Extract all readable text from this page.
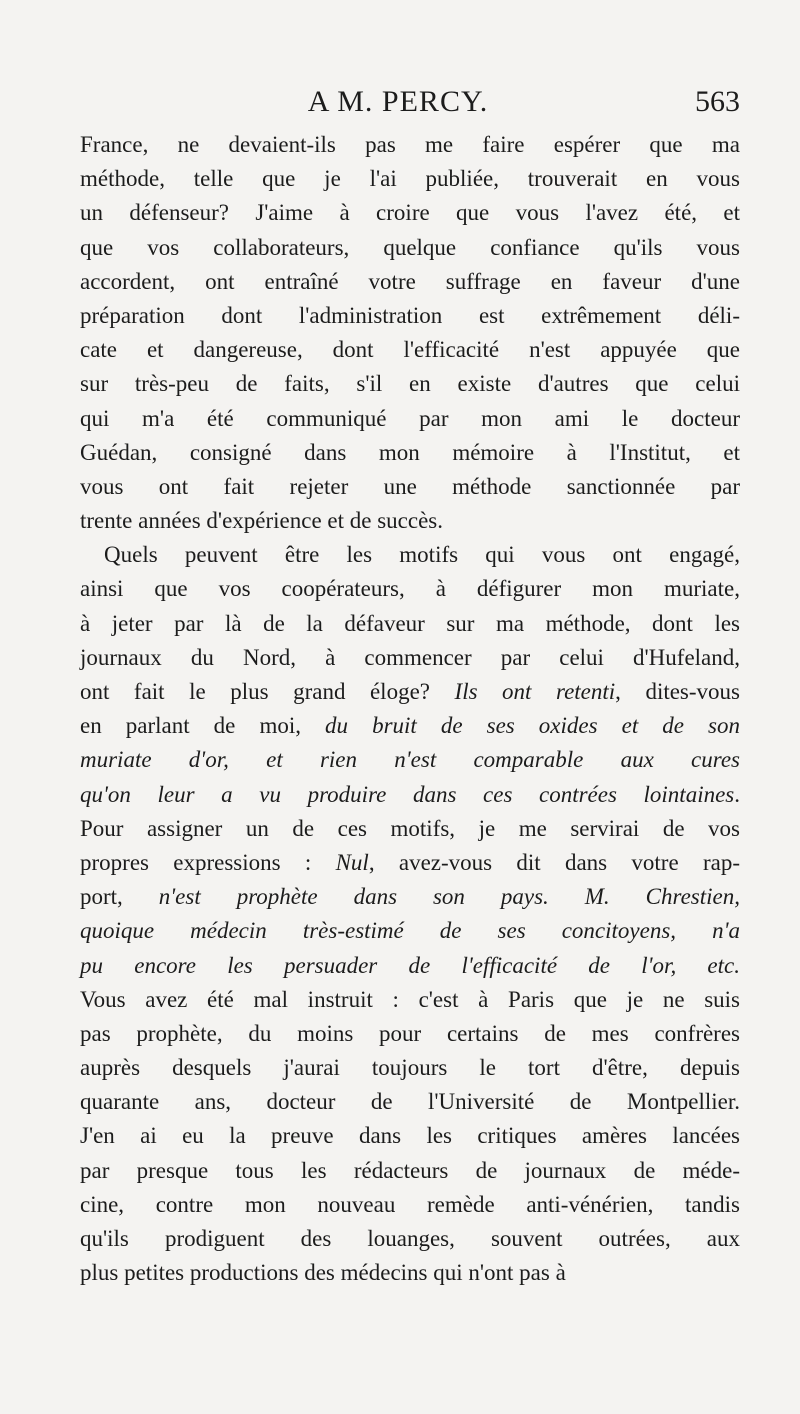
A M. PERCY.	563
France, ne devaient-ils pas me faire espérer que ma
méthode, telle que je l'ai publiée, trouverait en vous
un défenseur? J'aime à croire que vous l'avez été, et
que vos collaborateurs, quelque confiance qu'ils vous
accordent, ont entraîné votre suffrage en faveur d'une
préparation dont l'administration est extrêmement déli-
cate et dangereuse, dont l'efficacité n'est appuyée que
sur très-peu de faits, s'il en existe d'autres que celui
qui m'a été communiqué par mon ami le docteur
Guédan, consigné dans mon mémoire à l'Institut, et
vous ont fait rejeter une méthode sanctionnée par
trente années d'expérience et de succès.
Quels peuvent être les motifs qui vous ont engagé,
ainsi que vos coopérateurs, à défigurer mon muriate,
à jeter par là de la défaveur sur ma méthode, dont les
journaux du Nord, à commencer par celui d'Hufeland,
ont fait le plus grand éloge? Ils ont retenti, dites-vous
en parlant de moi, du bruit de ses oxides et de son
muriate d'or, et rien n'est comparable aux cures
qu'on leur a vu produire dans ces contrées lointaines.
Pour assigner un de ces motifs, je me servirai de vos
propres expressions : Nul, avez-vous dit dans votre rap-
port, n'est prophète dans son pays. M. Chrestien,
quoique médecin très-estimé de ses concitoyens, n'a
pu encore les persuader de l'efficacité de l'or, etc.
Vous avez été mal instruit : c'est à Paris que je ne suis
pas prophète, du moins pour certains de mes confrères
auprès desquels j'aurai toujours le tort d'être, depuis
quarante ans, docteur de l'Université de Montpellier.
J'en ai eu la preuve dans les critiques amères lancées
par presque tous les rédacteurs de journaux de méde-
cine, contre mon nouveau remède anti-vénérien, tandis
qu'ils prodiguent des louanges, souvent outrées, aux
plus petites productions des médecins qui n'ont pas à
